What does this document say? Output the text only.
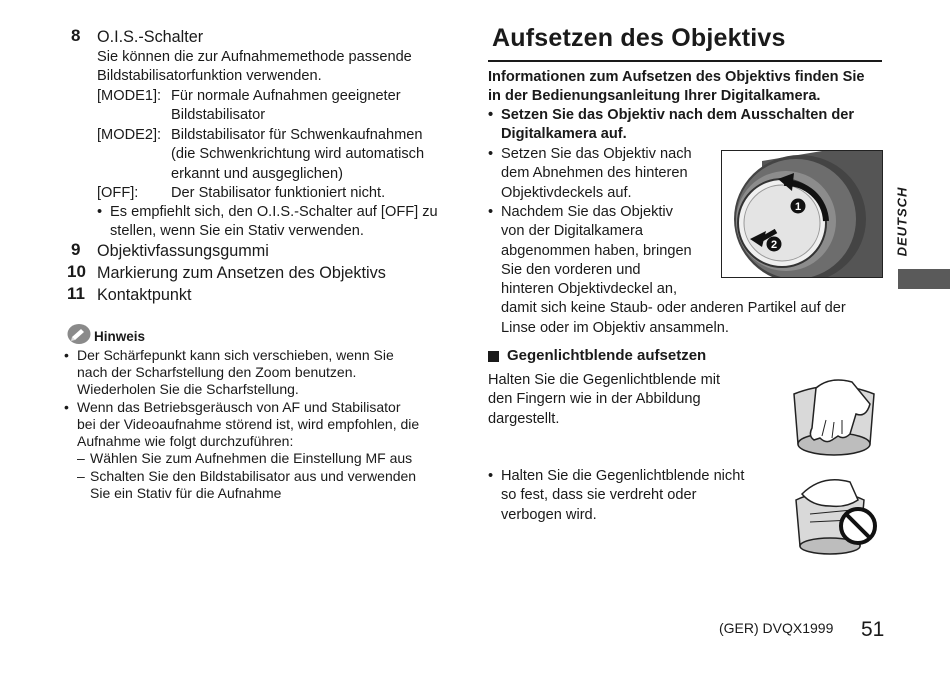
8 O.I.S.-Schalter
Sie können die zur Aufnahmemethode passende
Bildstabilisatorfunktion verwenden.
[MODE1]: Für normale Aufnahmen geeigneter
Bildstabilisator
[MODE2]: Bildstabilisator für Schwenkaufnahmen
(die Schwenkrichtung wird automatisch
erkannt und ausgeglichen)
[OFF]: Der Stabilisator funktioniert nicht.
• Es empfiehlt sich, den O.I.S.-Schalter auf [OFF] zu
stellen, wenn Sie ein Stativ verwenden.
9 Objektivfassungsgummi
10 Markierung zum Ansetzen des Objektivs
11 Kontaktpunkt
Hinweis
• Der Schärfepunkt kann sich verschieben, wenn Sie
nach der Scharfstellung den Zoom benutzen.
Wiederholen Sie die Scharfstellung.
• Wenn das Betriebsgeräusch von AF und Stabilisator
bei der Videoaufnahme störend ist, wird empfohlen, die
Aufnahme wie folgt durchzuführen:
– Wählen Sie zum Aufnehmen die Einstellung MF aus
– Schalten Sie den Bildstabilisator aus und verwenden
Sie ein Stativ für die Aufnahme
Aufsetzen des Objektivs
Informationen zum Aufsetzen des Objektivs finden Sie
in der Bedienungsanleitung Ihrer Digitalkamera.
• Setzen Sie das Objektiv nach dem Ausschalten der
Digitalkamera auf.
• Setzen Sie das Objektiv nach
dem Abnehmen des hinteren
Objektivdeckels auf.
• Nachdem Sie das Objektiv
von der Digitalkamera
abgenommen haben, bringen
Sie den vorderen und
hinteren Objektivdeckel an,
damit sich keine Staub- oder anderen Partikel auf der
Linse oder im Objektiv ansammeln.
1
2
Gegenlichtblende aufsetzen
Halten Sie die Gegenlichtblende mit
den Fingern wie in der Abbildung
dargestellt.
• Halten Sie die Gegenlichtblende nicht
so fest, dass sie verdreht oder
verbogen wird.
DEUTSCH
(GER) DVQX1999 51
